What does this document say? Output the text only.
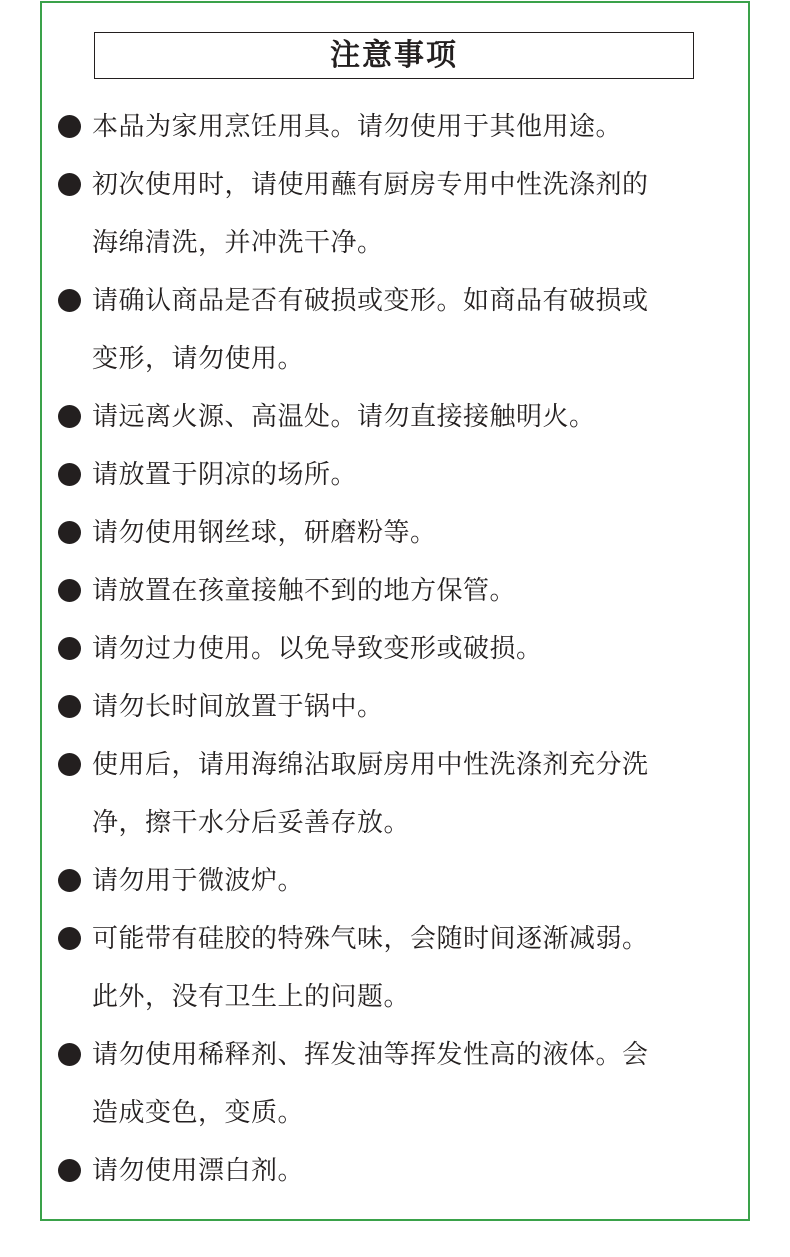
注意事项
本品为家用烹饪用具。请勿使用于其他用途。
初次使用时，请使用蘸有厨房专用中性洗涤剂的
海绵清洗，并冲洗干净。
请确认商品是否有破损或变形。如商品有破损或
变形，请勿使用。
请远离火源、高温处。请勿直接接触明火。
请放置于阴凉的场所。
请勿使用钢丝球，研磨粉等。
请放置在孩童接触不到的地方保管。
请勿过力使用。以免导致变形或破损。
请勿长时间放置于锅中。
使用后，请用海绵沾取厨房用中性洗涤剂充分洗
净，擦干水分后妥善存放。
请勿用于微波炉。
可能带有硅胶的特殊气味，会随时间逐渐减弱。
此外，没有卫生上的问题。
请勿使用稀释剂、挥发油等挥发性高的液体。会
造成变色，变质。
请勿使用漂白剂。
